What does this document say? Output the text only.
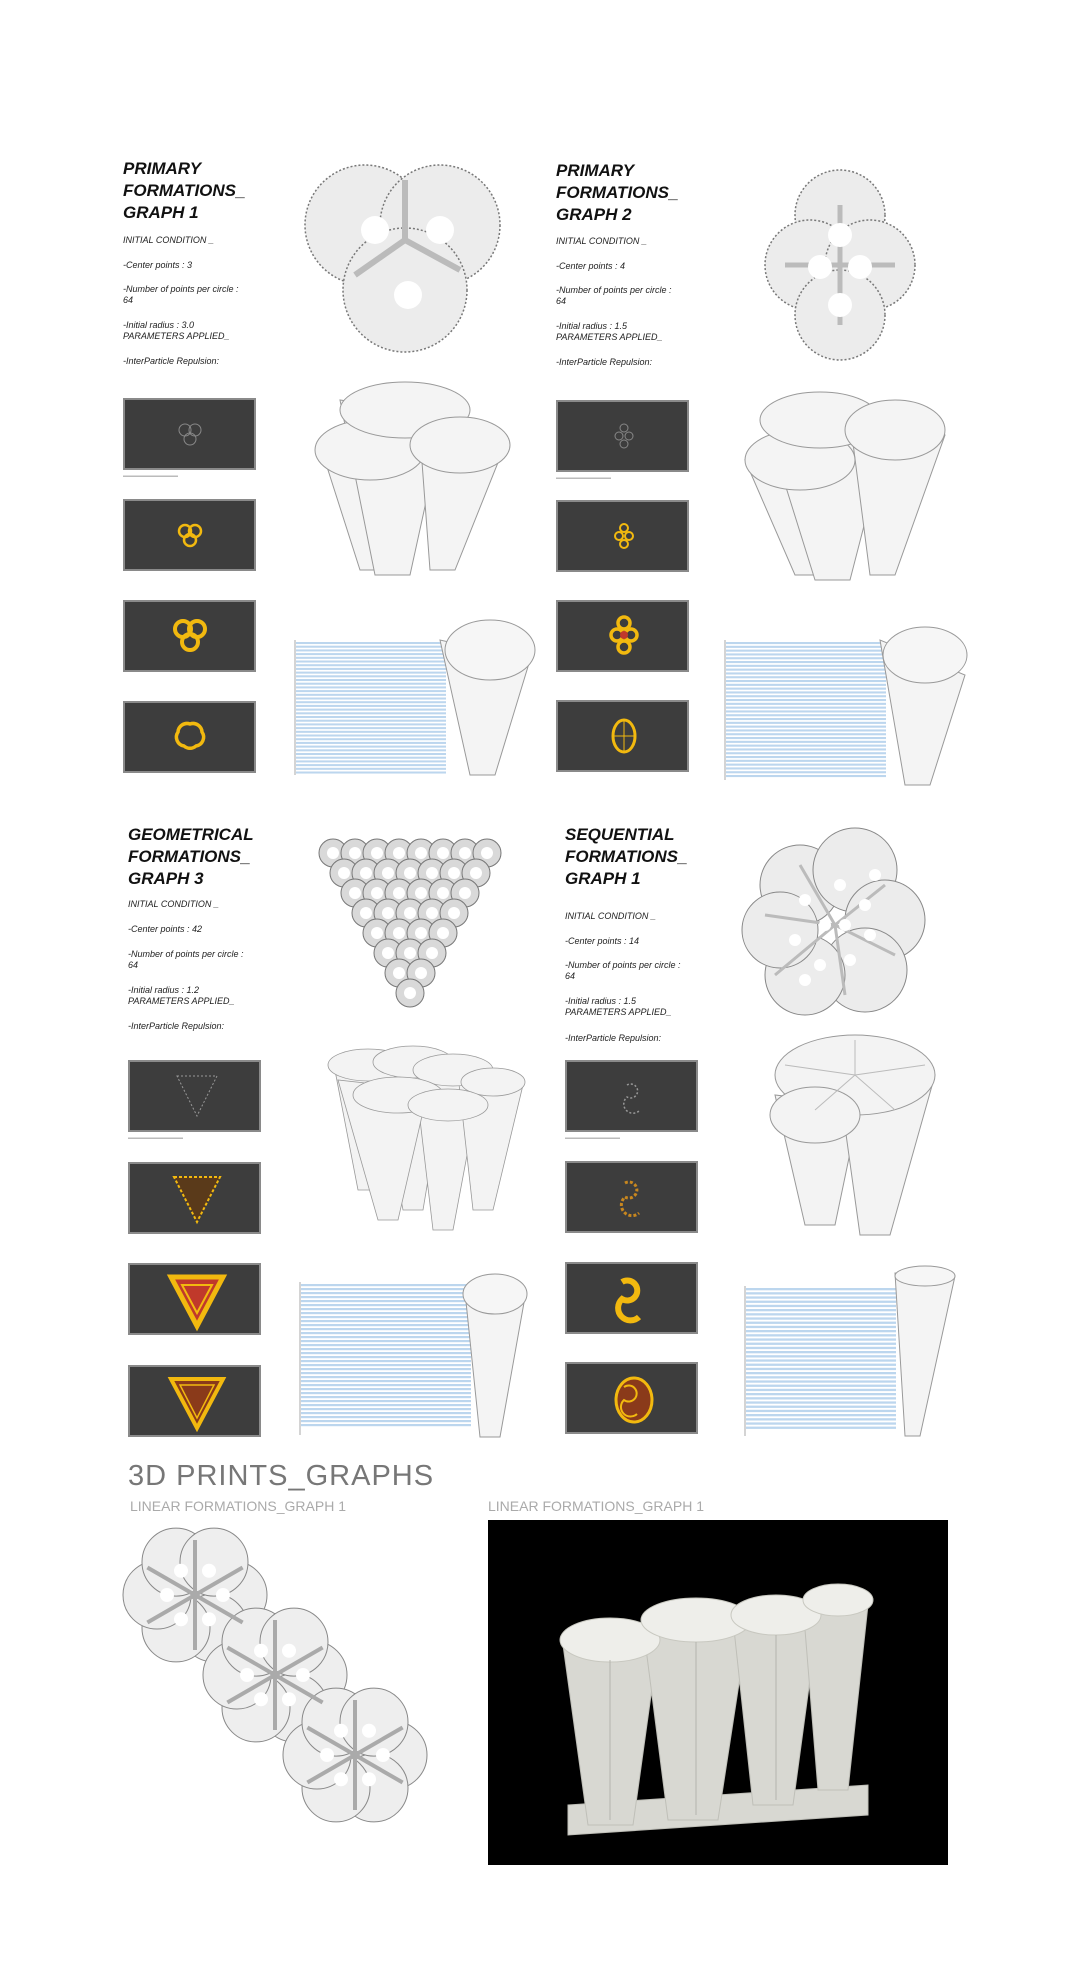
PRIMARY
FORMATIONS_
GRAPH 1
INITIAL CONDITION _
-Center points : 3
-Number of points per circle : 64
-Initial radius : 3.0
PARAMETERS APPLIED_
-InterParticle Repulsion:
▬▬▬▬▬▬▬▬▬▬▬
PRIMARY
FORMATIONS_
GRAPH 2
INITIAL CONDITION _
-Center points : 4
-Number of points per circle : 64
-Initial radius : 1.5
PARAMETERS APPLIED_
-InterParticle Repulsion:
▬▬▬▬▬▬▬▬▬▬▬
GEOMETRICAL
FORMATIONS_
GRAPH 3
INITIAL CONDITION _
-Center points : 42
-Number of points per circle : 64
-Initial radius : 1.2
PARAMETERS APPLIED_
-InterParticle Repulsion:
▬▬▬▬▬▬▬▬▬▬▬
SEQUENTIAL
FORMATIONS_
GRAPH 1
INITIAL CONDITION _
-Center points : 14
-Number of points per circle : 64
-Initial radius : 1.5
PARAMETERS APPLIED_
-InterParticle Repulsion:
▬▬▬▬▬▬▬▬▬▬▬
3D PRINTS_GRAPHS
LINEAR FORMATIONS_GRAPH 1	LINEAR FORMATIONS_GRAPH 1
